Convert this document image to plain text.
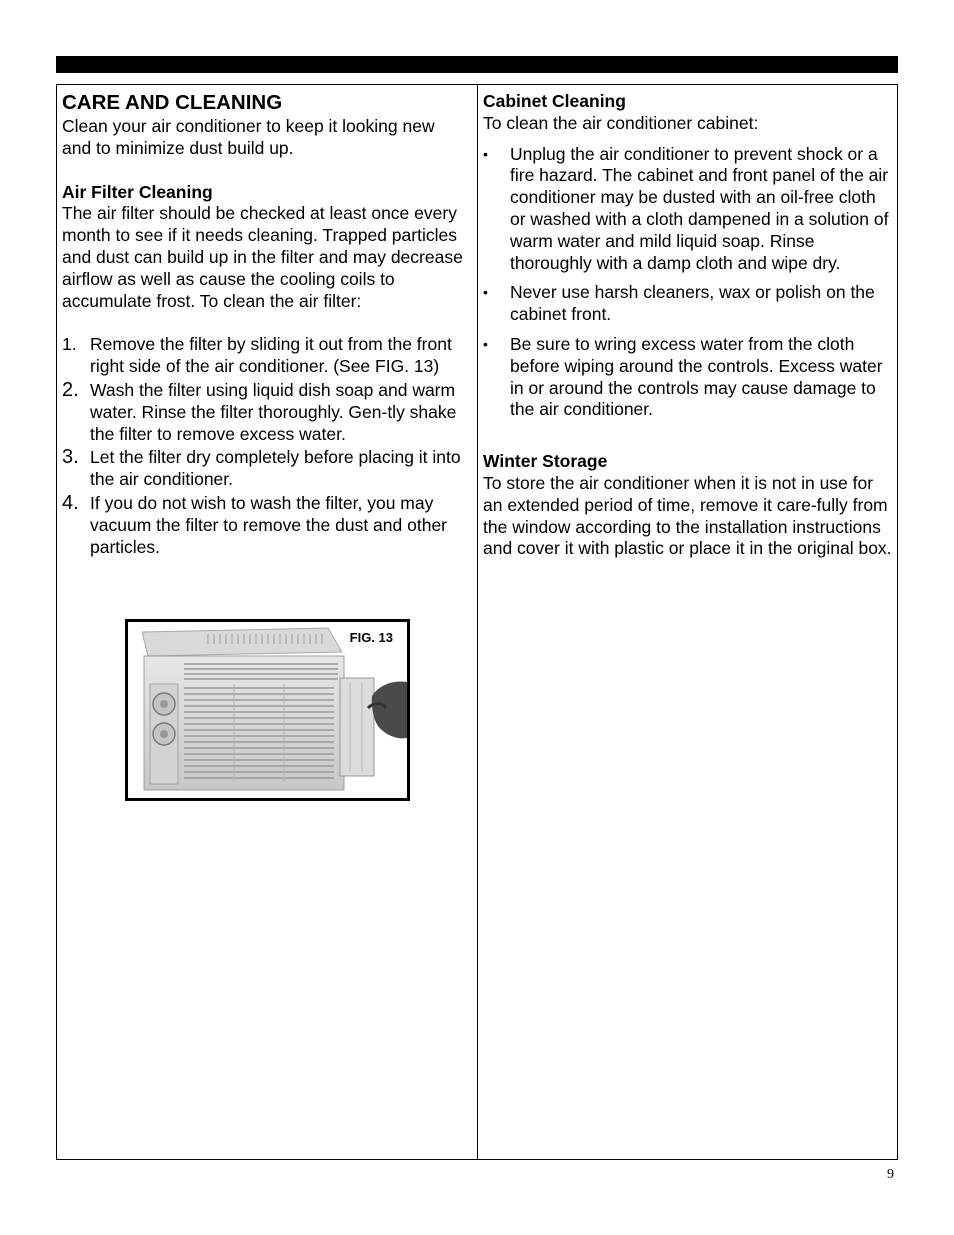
CARE AND CLEANING

Clean your air conditioner to keep it looking new and to minimize dust build up.

Air Filter Cleaning

The air filter should be checked at least once every month to see if it needs cleaning. Trapped particles and dust can build up in the filter and may decrease airflow as well as cause the cooling coils to accumulate frost. To clean the air filter:

1. Remove the filter by sliding it out from the front right side of the air conditioner. (See FIG. 13)
2. Wash the filter using liquid dish soap and warm water. Rinse the filter thoroughly. Gen-tly shake the filter to remove excess water.
3. Let the filter dry completely before placing it into the air conditioner.
4. If you do not wish to wash the filter, you may vacuum the filter to remove the dust and other particles.
FIG. 13
Cabinet Cleaning

To clean the air conditioner cabinet:

• Unplug the air conditioner to prevent shock or a fire hazard. The cabinet and front panel of the air conditioner may be dusted with an oil-free cloth or washed with a cloth dampened in a solution of warm water and mild liquid soap. Rinse thoroughly with a damp cloth and wipe dry.
• Never use harsh cleaners, wax or polish on the cabinet front.
• Be sure to wring excess water from the cloth before wiping around the controls. Excess water in or around the controls may cause damage to the air conditioner.
Winter Storage

To store the air conditioner when it is not in use for an extended period of time, remove it care-fully from the window according to the installation instructions and cover it with plastic or place it in the original box.

9
